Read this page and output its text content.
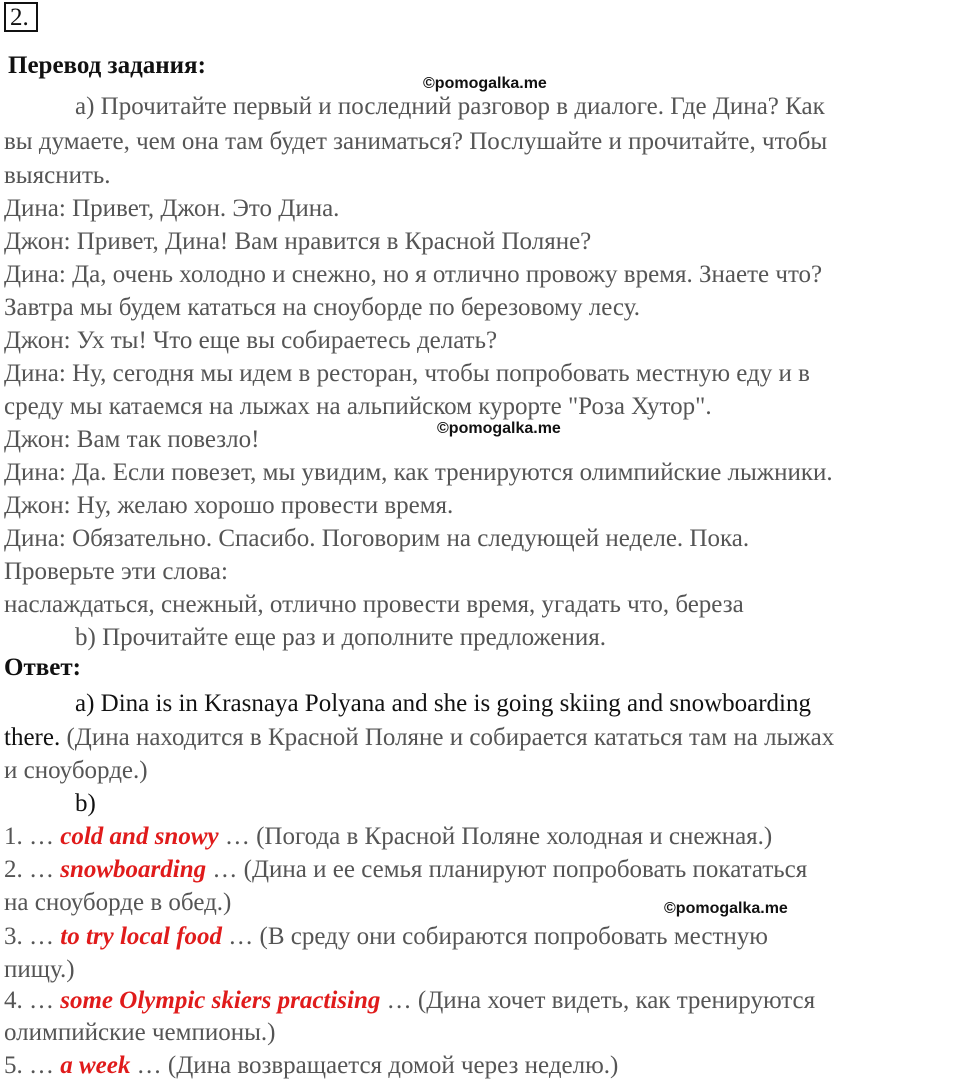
2.
Перевод задания:
©pomogalka.me
©pomogalka.me
©pomogalka.me
a) Прочитайте первый и последний разговор в диалоге. Где Дина? Как
вы думаете, чем она там будет заниматься? Послушайте и прочитайте, чтобы
выяснить.
Дина: Привет, Джон. Это Дина.
Джон: Привет, Дина! Вам нравится в Красной Поляне?
Дина: Да, очень холодно и снежно, но я отлично провожу время. Знаете что?
Завтра мы будем кататься на сноуборде по березовому лесу.
Джон: Ух ты! Что еще вы собираетесь делать?
Дина: Ну, сегодня мы идем в ресторан, чтобы попробовать местную еду и в
среду мы катаемся на лыжах на альпийском курорте "Роза Хутор".
Джон: Вам так повезло!
Дина: Да. Если повезет, мы увидим, как тренируются олимпийские лыжники.
Джон: Ну, желаю хорошо провести время.
Дина: Обязательно. Спасибо. Поговорим на следующей неделе. Пока.
Проверьте эти слова:
наслаждаться, снежный, отлично провести время, угадать что, береза
b) Прочитайте еще раз и дополните предложения.
Ответ:
a) Dina is in Krasnaya Polyana and she is going skiing and snowboarding
there. (Дина находится в Красной Поляне и собирается кататься там на лыжах
и сноуборде.)
b)
1. … cold and snowy … (Погода в Красной Поляне холодная и снежная.)
2. … snowboarding … (Дина и ее семья планируют попробовать покататься
на сноуборде в обед.)
3. … to try local food … (В среду они собираются попробовать местную
пищу.)
4. … some Olympic skiers practising … (Дина хочет видеть, как тренируются
олимпийские чемпионы.)
5. … a week … (Дина возвращается домой через неделю.)
